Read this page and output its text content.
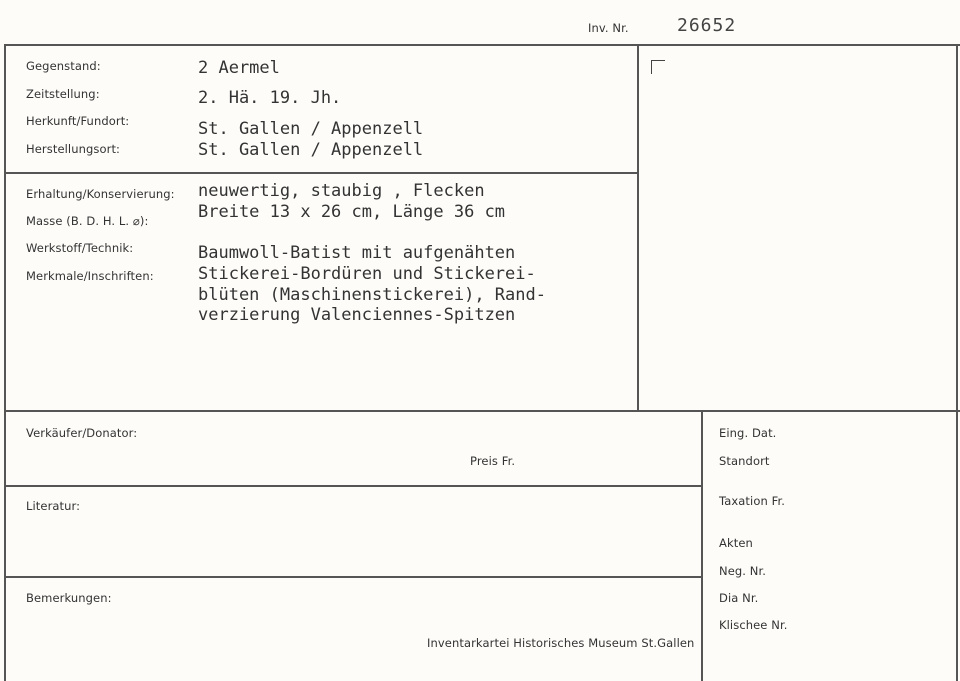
Inv. Nr.	26652
Gegenstand:
Zeitstellung:
Herkunft/Fundort:
Herstellungsort:
2 Aermel
2. Hä. 19. Jh.
St. Gallen / Appenzell
St. Gallen / Appenzell
Erhaltung/Konservierung:
Masse (B. D. H. L. ⌀):
Werkstoff/Technik:
Merkmale/Inschriften:
neuwertig, staubig , Flecken
Breite 13 x 26 cm, Länge 36 cm
Baumwoll-Batist mit aufgenähten
Stickerei-Bordüren und Stickerei-
blüten (Maschinenstickerei), Rand-
verzierung Valenciennes-Spitzen
Verkäufer/Donator:
Preis Fr.
Literatur:
Bemerkungen:
Inventarkartei Historisches Museum St.Gallen
Eing. Dat.
Standort
Taxation Fr.
Akten
Neg. Nr.
Dia Nr.
Klischee Nr.
